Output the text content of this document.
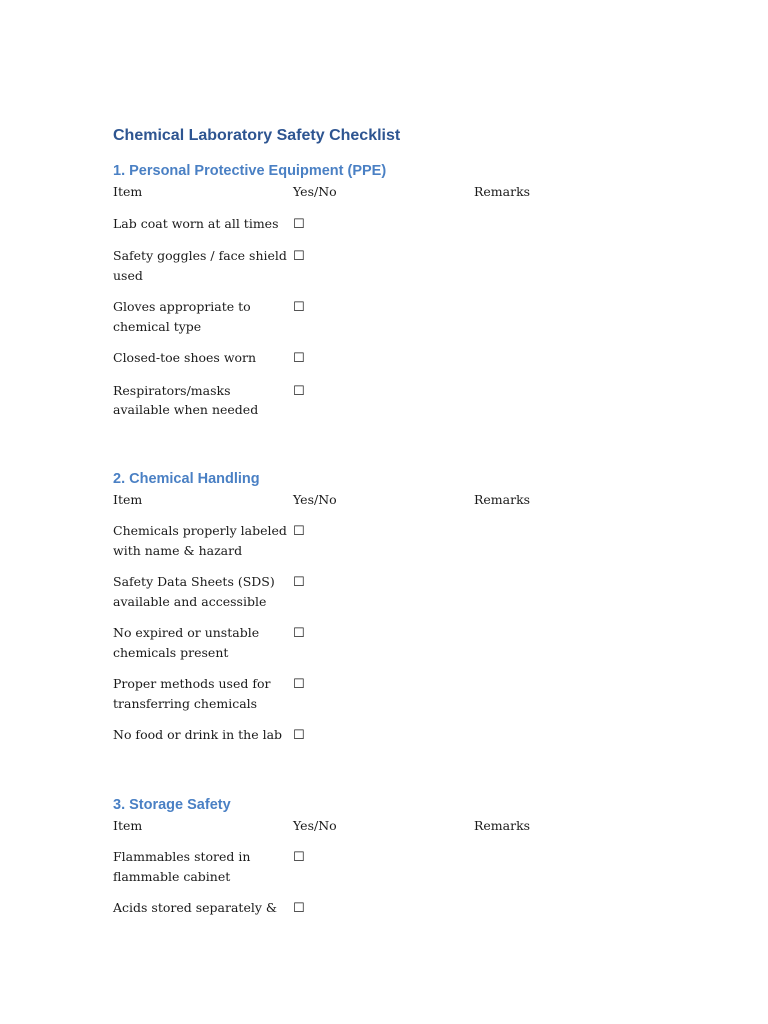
Chemical Laboratory Safety Checklist
1. Personal Protective Equipment (PPE)
Item	Yes/No	Remarks
Lab coat worn at all times	☐	
Safety goggles / face shield used	☐	
Gloves appropriate to chemical type	☐	
Closed-toe shoes worn	☐	
Respirators/masks available when needed	☐	
2. Chemical Handling
Item	Yes/No	Remarks
Chemicals properly labeled with name & hazard	☐	
Safety Data Sheets (SDS) available and accessible	☐	
No expired or unstable chemicals present	☐	
Proper methods used for transferring chemicals	☐	
No food or drink in the lab	☐	
3. Storage Safety
Item	Yes/No	Remarks
Flammables stored in flammable cabinet	☐	
Acids stored separately &	☐	
